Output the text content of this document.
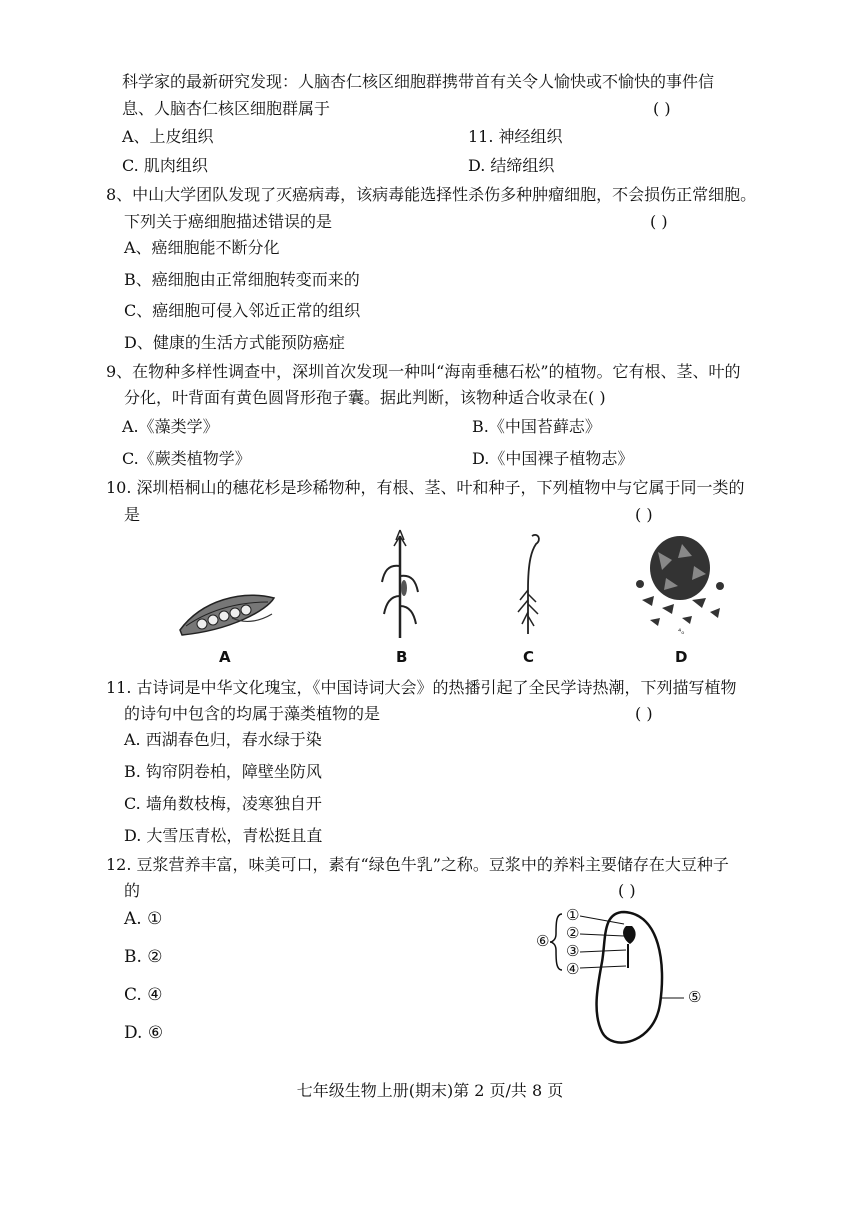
科学家的最新研究发现：人脑杏仁核区细胞群携带首有关令人愉快或不愉快的事件信
息、人脑杏仁核区细胞群属于	( )
A、上皮组织	11. 神经组织
C. 肌肉组织	D. 结缔组织
8、中山大学团队发现了灭癌病毒，该病毒能选择性杀伤多种肿瘤细胞，不会损伤正常细胞。
下列关于癌细胞描述错误的是	( )
A、癌细胞能不断分化
B、癌细胞由正常细胞转变而来的
C、癌细胞可侵入邻近正常的组织
D、健康的生活方式能预防癌症
9、在物种多样性调查中，深圳首次发现一种叫“海南垂穗石松”的植物。它有根、茎、叶的
分化，叶背面有黄色圆肾形孢子囊。据此判断，该物种适合收录在( )
A.《藻类学》	B.《中国苔藓志》
C.《蕨类植物学》	D.《中国裸子植物志》
10. 深圳梧桐山的穗花杉是珍稀物种，有根、茎、叶和种子，下列植物中与它属于同一类的
是	( )
A	B	C
⁴ₒ
D
11. 古诗词是中华文化瑰宝，《中国诗词大会》的热播引起了全民学诗热潮，下列描写植物
的诗句中包含的均属于藻类植物的是	( )
A. 西湖春色归，春水绿于染
B. 钩帘阴卷柏，障壁坐防风
C. 墙角数枝梅，凌寒独自开
D. 大雪压青松，青松挺且直
12. 豆浆营养丰富，味美可口，素有“绿色牛乳”之称。豆浆中的养料主要储存在大豆种子
的	( )
A. ①
B. ②
C. ④
D. ⑥
①
②
③
④
⑤
⑥
七年级生物上册(期末)第 2 页/共 8 页
